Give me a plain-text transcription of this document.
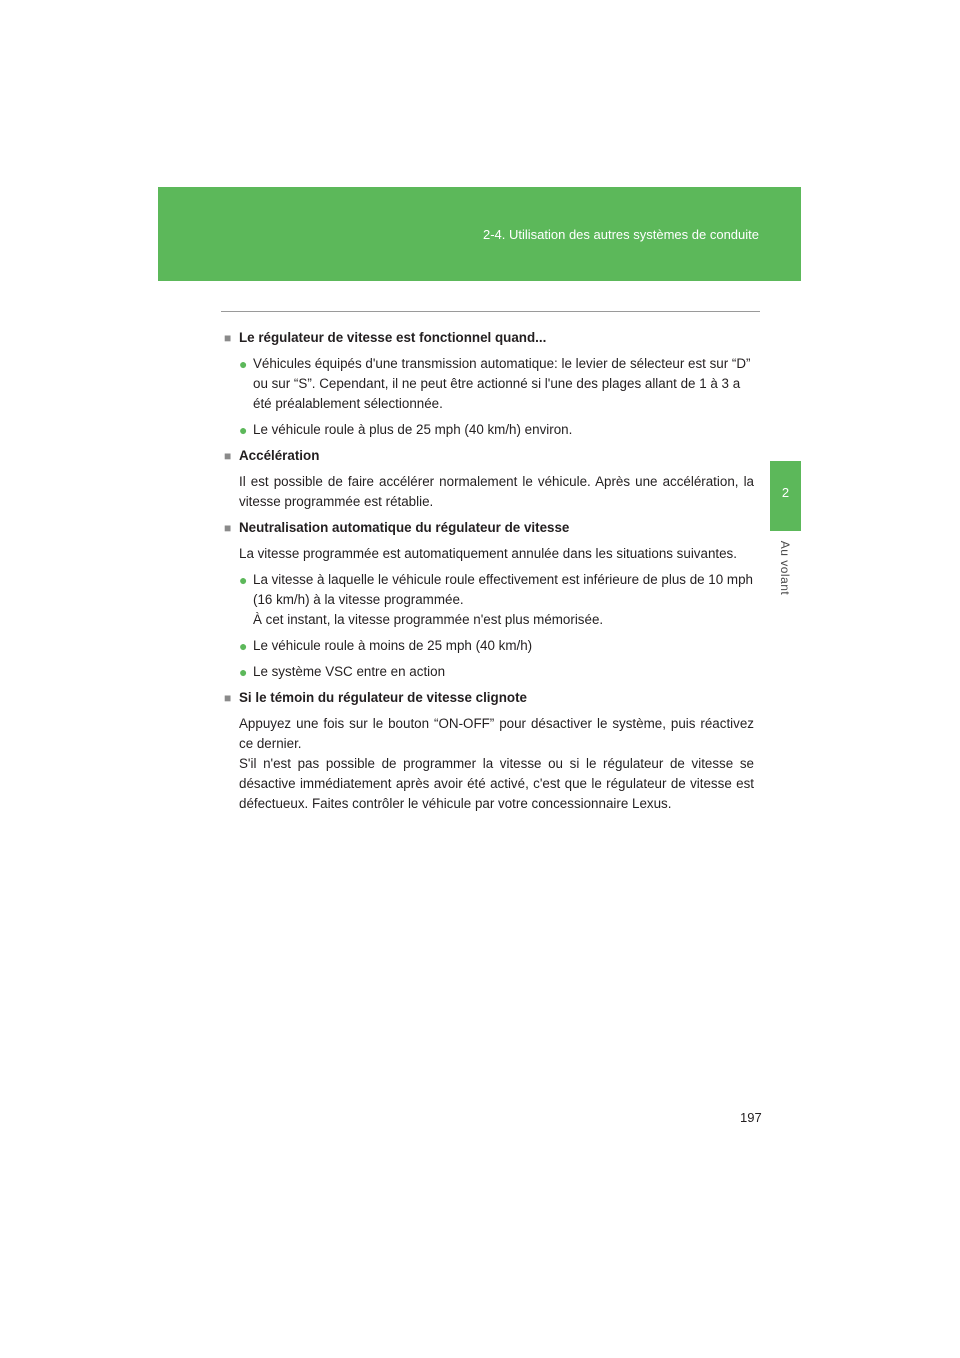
2-4. Utilisation des autres systèmes de conduite
2
Au volant

■ Le régulateur de vitesse est fonctionnel quand...

● Véhicules équipés d'une transmission automatique: le levier de sélecteur est sur “D” ou sur “S”. Cependant, il ne peut être actionné si l'une des plages allant de 1 à 3 a été préalablement sélectionnée.
● Le véhicule roule à plus de 25 mph (40 km/h) environ.

■ Accélération

Il est possible de faire accélérer normalement le véhicule. Après une accélération, la vitesse programmée est rétablie.

■ Neutralisation automatique du régulateur de vitesse

La vitesse programmée est automatiquement annulée dans les situations suivantes.

● La vitesse à laquelle le véhicule roule effectivement est inférieure de plus de 10 mph (16 km/h) à la vitesse programmée.
À cet instant, la vitesse programmée n'est plus mémorisée.
● Le véhicule roule à moins de 25 mph (40 km/h)
● Le système VSC entre en action

■ Si le témoin du régulateur de vitesse clignote

Appuyez une fois sur le bouton “ON-OFF” pour désactiver le système, puis réactivez ce dernier.
S'il n'est pas possible de programmer la vitesse ou si le régulateur de vitesse se désactive immédiatement après avoir été activé, c'est que le régulateur de vitesse est défectueux. Faites contrôler le véhicule par votre concessionnaire Lexus.

197
